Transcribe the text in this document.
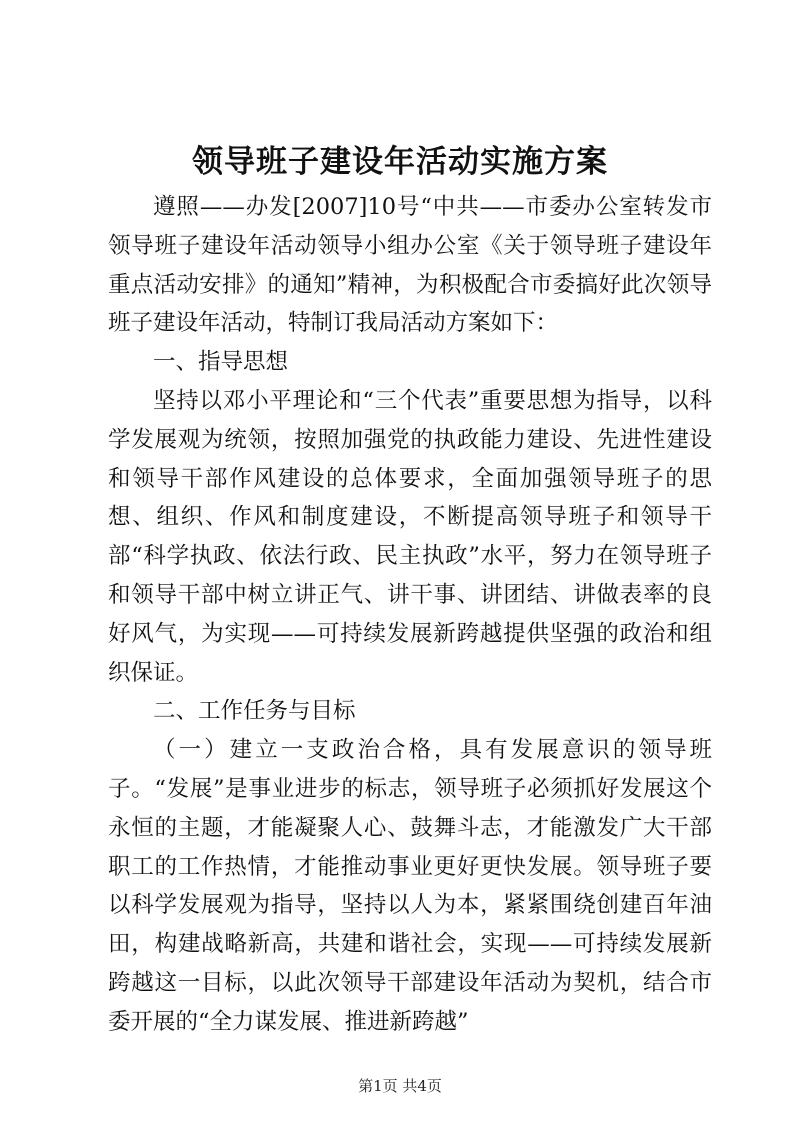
领导班子建设年活动实施方案

遵照——办发[2007]10号“中共——市委办公室转发市领导班子建设年活动领导小组办公室《关于领导班子建设年重点活动安排》的通知”精神，为积极配合市委搞好此次领导班子建设年活动，特制订我局活动方案如下：

一、指导思想

坚持以邓小平理论和“三个代表”重要思想为指导，以科学发展观为统领，按照加强党的执政能力建设、先进性建设和领导干部作风建设的总体要求，全面加强领导班子的思想、组织、作风和制度建设，不断提高领导班子和领导干部“科学执政、依法行政、民主执政”水平，努力在领导班子和领导干部中树立讲正气、讲干事、讲团结、讲做表率的良好风气，为实现——可持续发展新跨越提供坚强的政治和组织保证。

二、工作任务与目标

（一）建立一支政治合格，具有发展意识的领导班子。“发展”是事业进步的标志，领导班子必须抓好发展这个永恒的主题，才能凝聚人心、鼓舞斗志，才能激发广大干部职工的工作热情，才能推动事业更好更快发展。领导班子要以科学发展观为指导，坚持以人为本，紧紧围绕创建百年油田，构建战略新高，共建和谐社会，实现——可持续发展新跨越这一目标，以此次领导干部建设年活动为契机，结合市委开展的“全力谋发展、推进新跨越”

第1页 共4页
